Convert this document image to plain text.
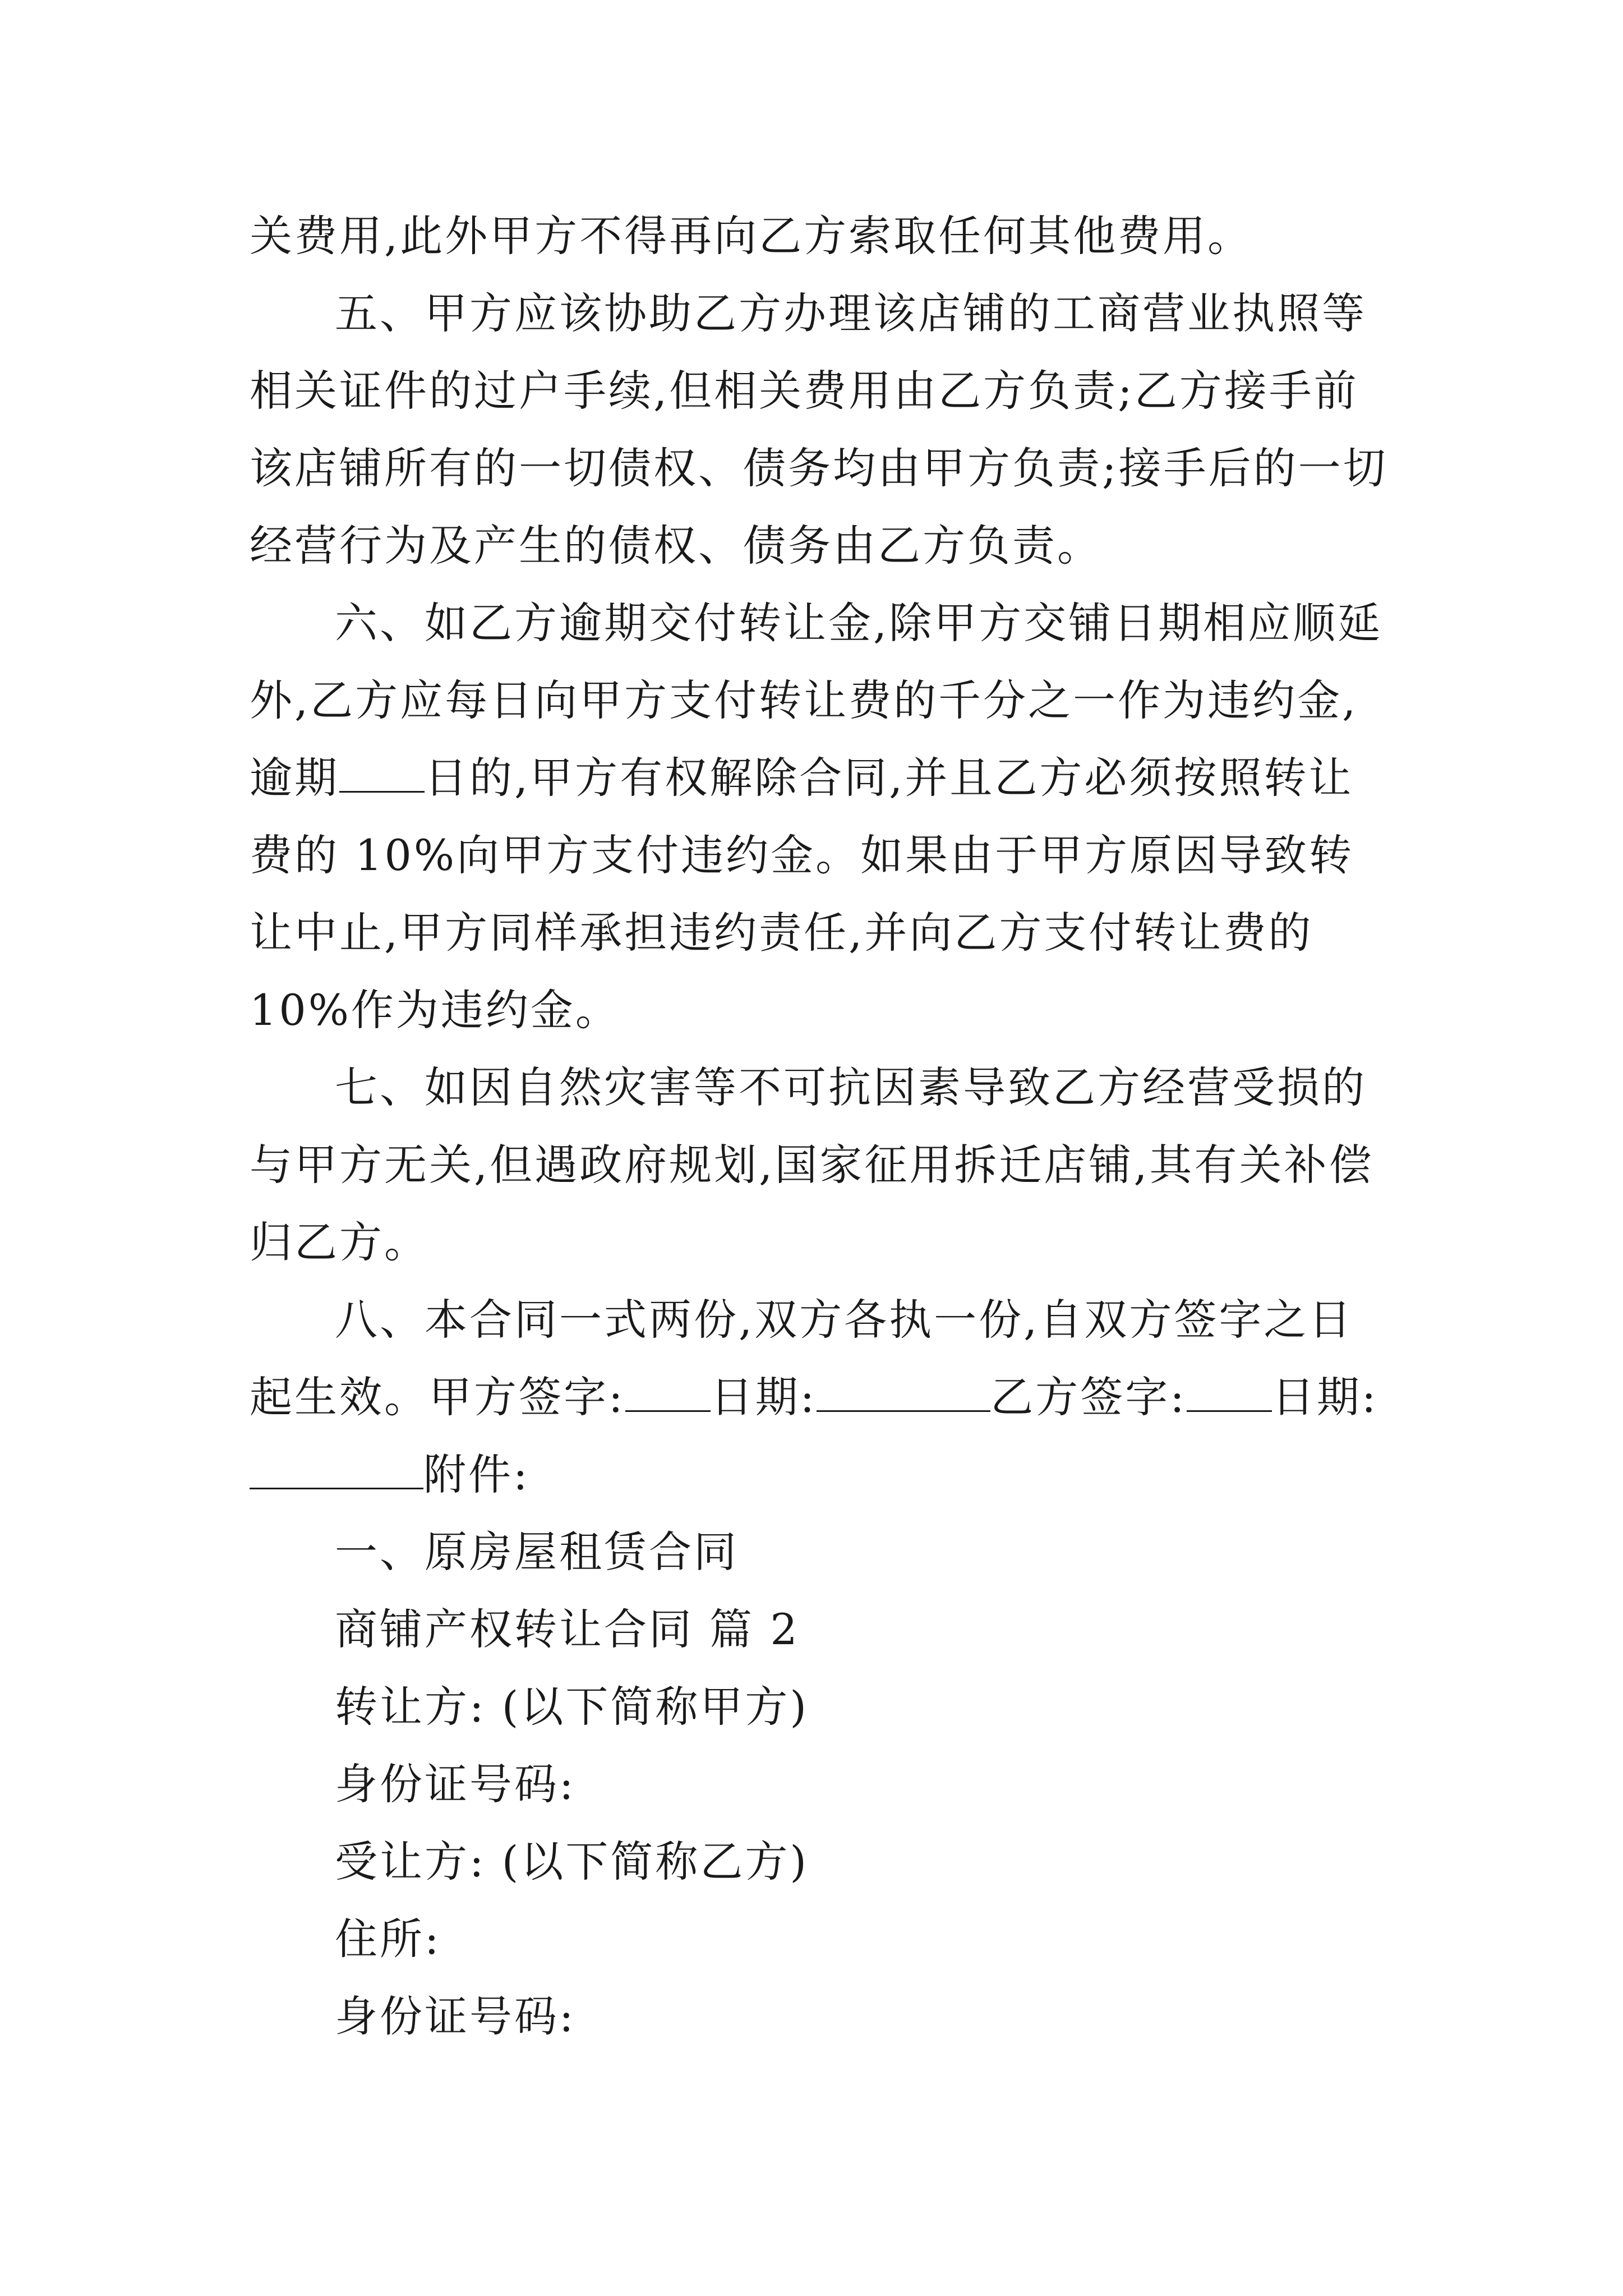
关费用,此外甲方不得再向乙方索取任何其他费用。

五、甲方应该协助乙方办理该店铺的工商营业执照等相关证件的过户手续,但相关费用由乙方负责;乙方接手前该店铺所有的一切债权、债务均由甲方负责;接手后的一切经营行为及产生的债权、债务由乙方负责。

六、如乙方逾期交付转让金,除甲方交铺日期相应顺延外,乙方应每日向甲方支付转让费的千分之一作为违约金,逾期 日的,甲方有权解除合同,并且乙方必须按照转让费的 10%向甲方支付违约金。如果由于甲方原因导致转让中止,甲方同样承担违约责任,并向乙方支付转让费的 10%作为违约金。

七、如因自然灾害等不可抗因素导致乙方经营受损的与甲方无关,但遇政府规划,国家征用拆迁店铺,其有关补偿归乙方。

八、本合同一式两份,双方各执一份,自双方签字之日起生效。甲方签字: 日期:	乙方签字: 日期:
附件:

一、原房屋租赁合同

商铺产权转让合同 篇 2

转让方: (以下简称甲方)

身份证号码:

受让方: (以下简称乙方)

住所:

身份证号码:
